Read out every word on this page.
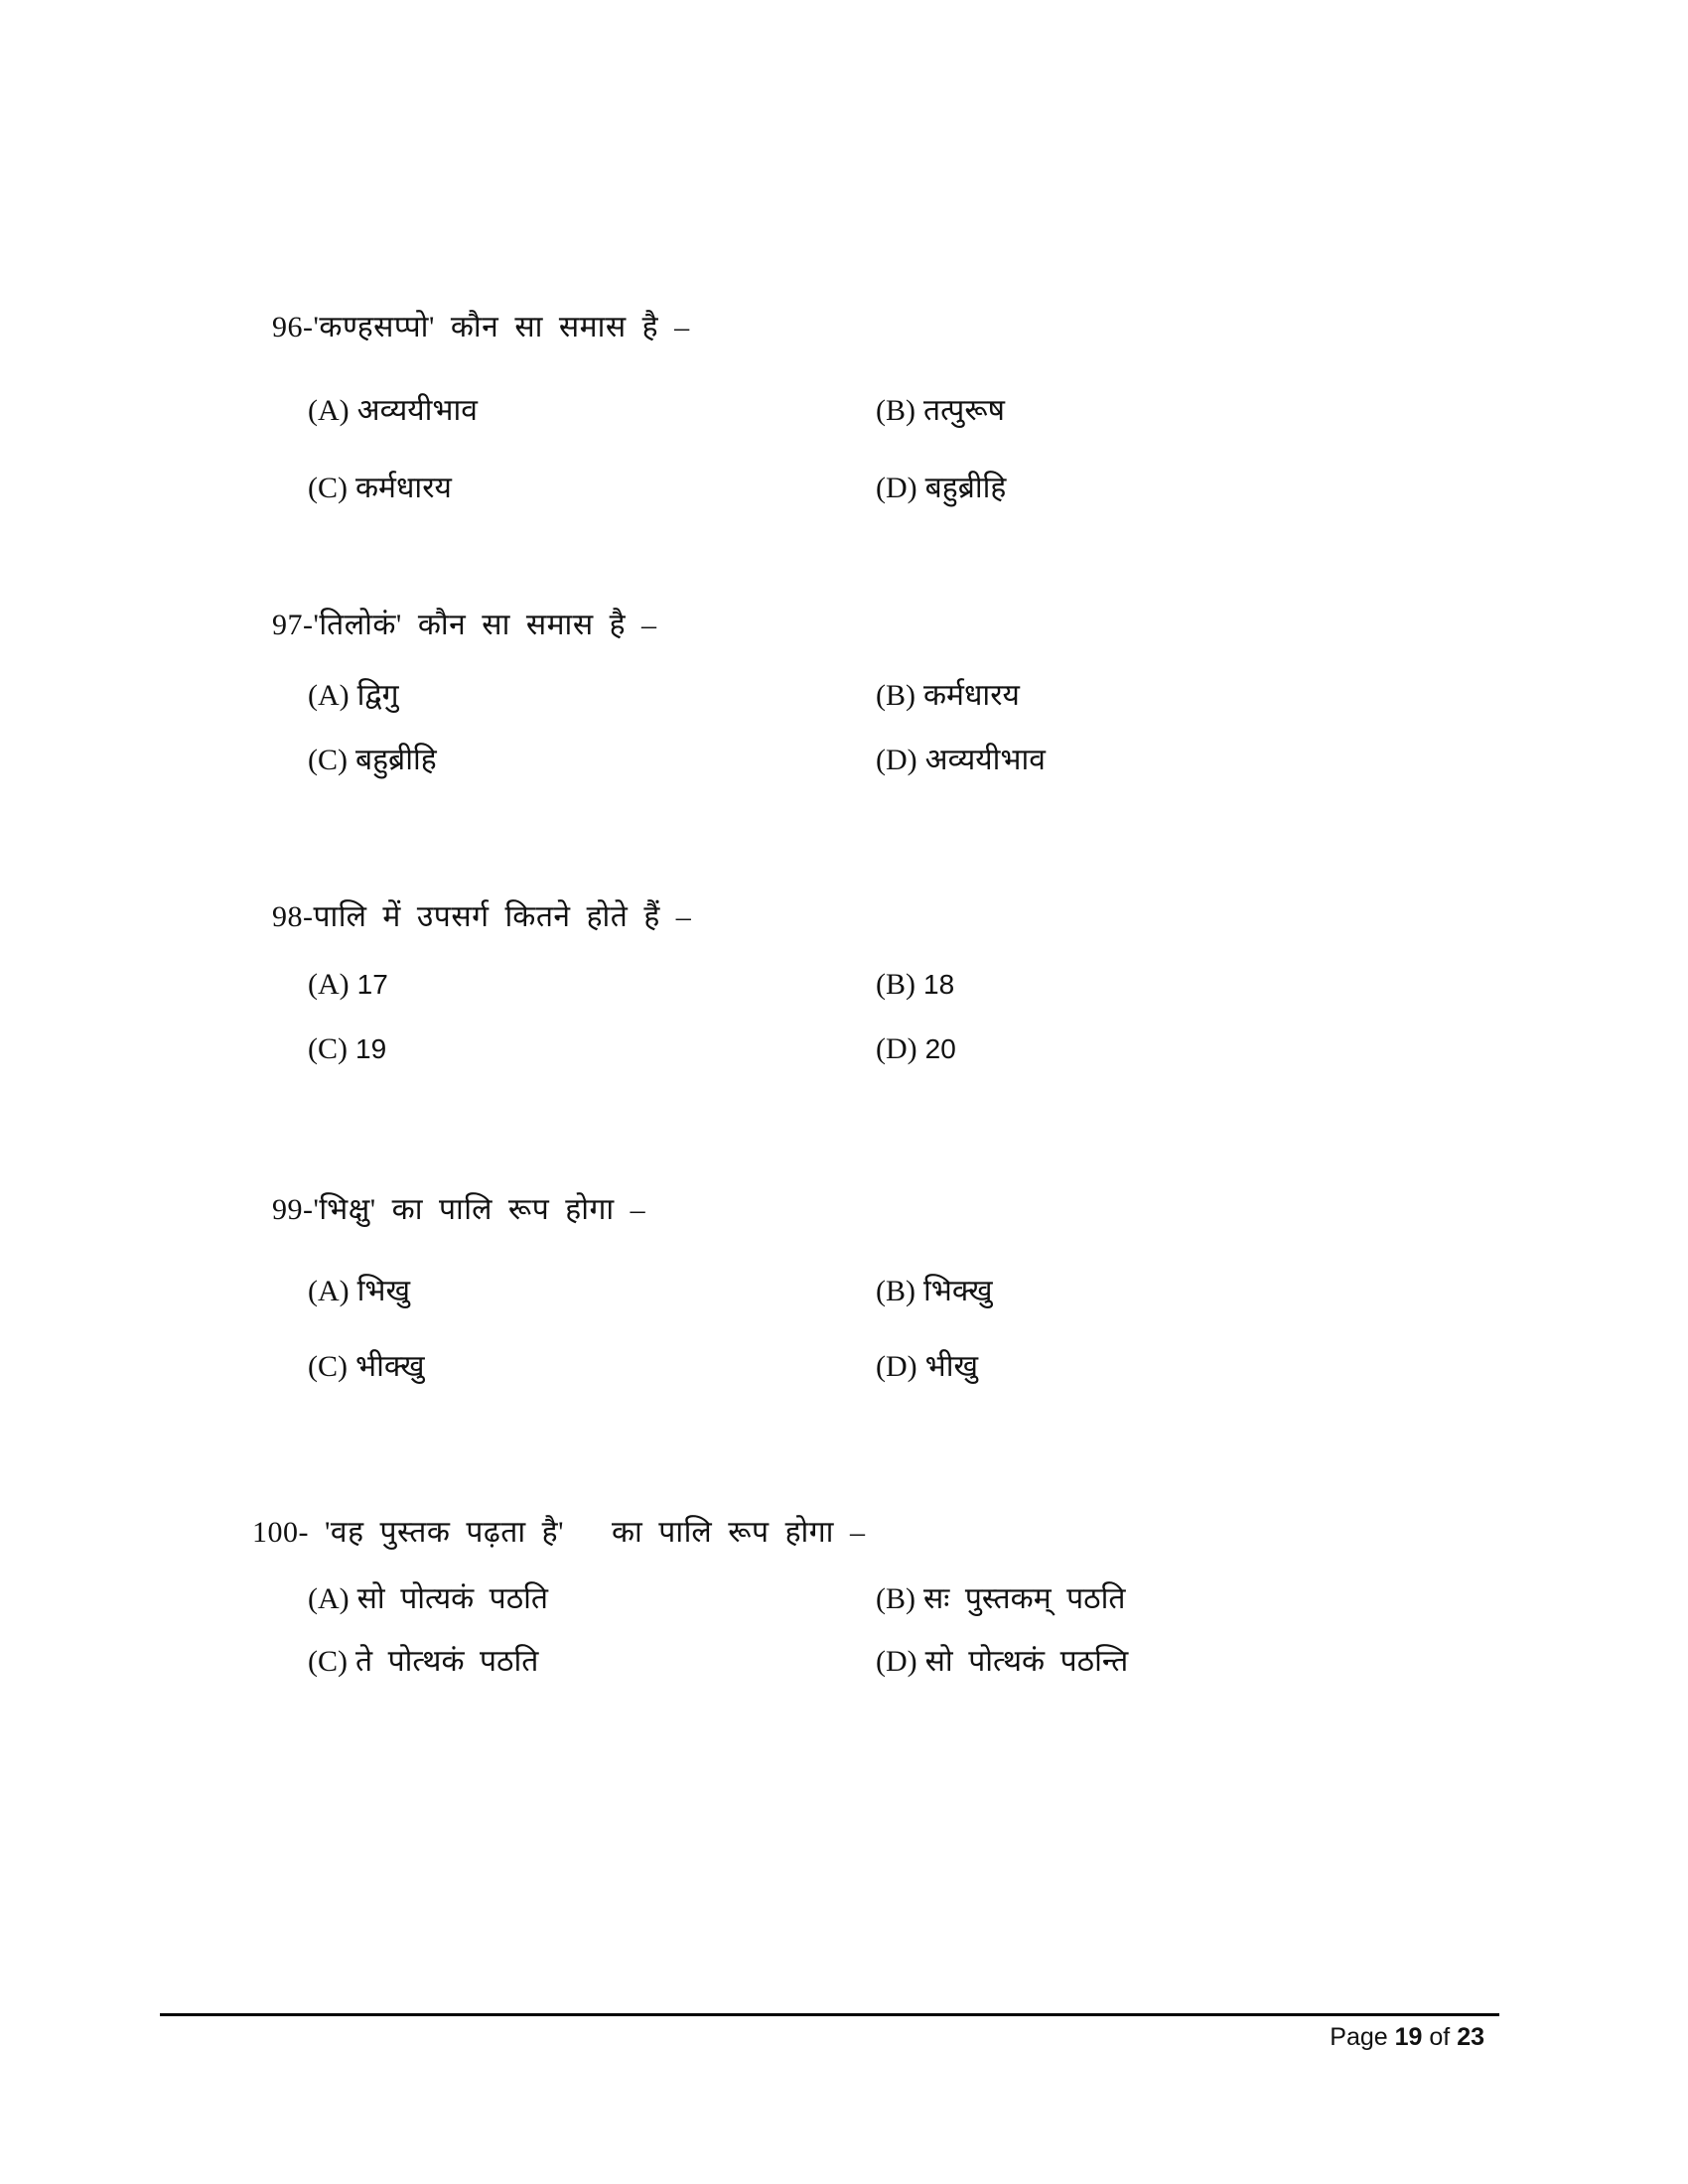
96-'कण्हसप्पो' कौन सा समास है –

(A) अव्ययीभाव	(B) तत्पुरूष

(C) कर्मधारय	(D) बहुब्रीहि

97-'तिलोकं' कौन सा समास है –

(A) द्विगु	(B) कर्मधारय

(C) बहुब्रीहि	(D) अव्ययीभाव

98-पालि में उपसर्ग कितने होते हैं –

(A) 17	(B) 18

(C) 19	(D) 20

99-'भिक्षु' का पालि रूप होगा –

(A) भिखु	(B) भिक्खु

(C) भीक्खु	(D) भीखु

100- 'वह पुस्तक पढ़ता है'   का पालि रूप होगा –

(A) सो पोत्यकं पठति	(B) सः पुस्तकम् पठति

(C) ते पोत्थकं पठति	(D) सो पोत्थकं पठन्ति

Page 19 of 23
